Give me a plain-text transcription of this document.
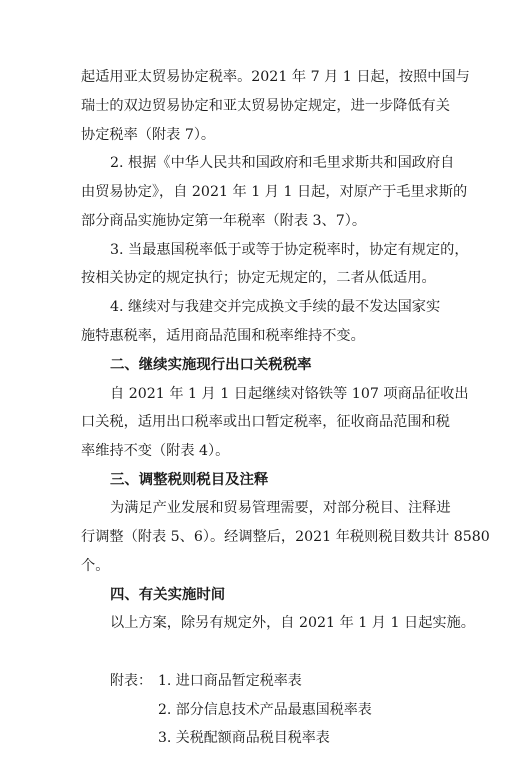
起适用亚太贸易协定税率。2021 年 7 月 1 日起，按照中国与
瑞士的双边贸易协定和亚太贸易协定规定，进一步降低有关
协定税率（附表 7）。
2. 根据《中华人民共和国政府和毛里求斯共和国政府自
由贸易协定》，自 2021 年 1 月 1 日起，对原产于毛里求斯的
部分商品实施协定第一年税率（附表 3、7）。
3. 当最惠国税率低于或等于协定税率时，协定有规定的，
按相关协定的规定执行；协定无规定的，二者从低适用。
4. 继续对与我建交并完成换文手续的最不发达国家实
施特惠税率，适用商品范围和税率维持不变。
二、继续实施现行出口关税税率
自 2021 年 1 月 1 日起继续对铬铁等 107 项商品征收出
口关税，适用出口税率或出口暂定税率，征收商品范围和税
率维持不变（附表 4）。
三、调整税则税目及注释
为满足产业发展和贸易管理需要，对部分税目、注释进
行调整（附表 5、6）。经调整后，2021 年税则税目数共计 8580
个。
四、有关实施时间
以上方案，除另有规定外，自 2021 年 1 月 1 日起实施。
附表： 1. 进口商品暂定税率表
2. 部分信息技术产品最惠国税率表
3. 关税配额商品税目税率表
